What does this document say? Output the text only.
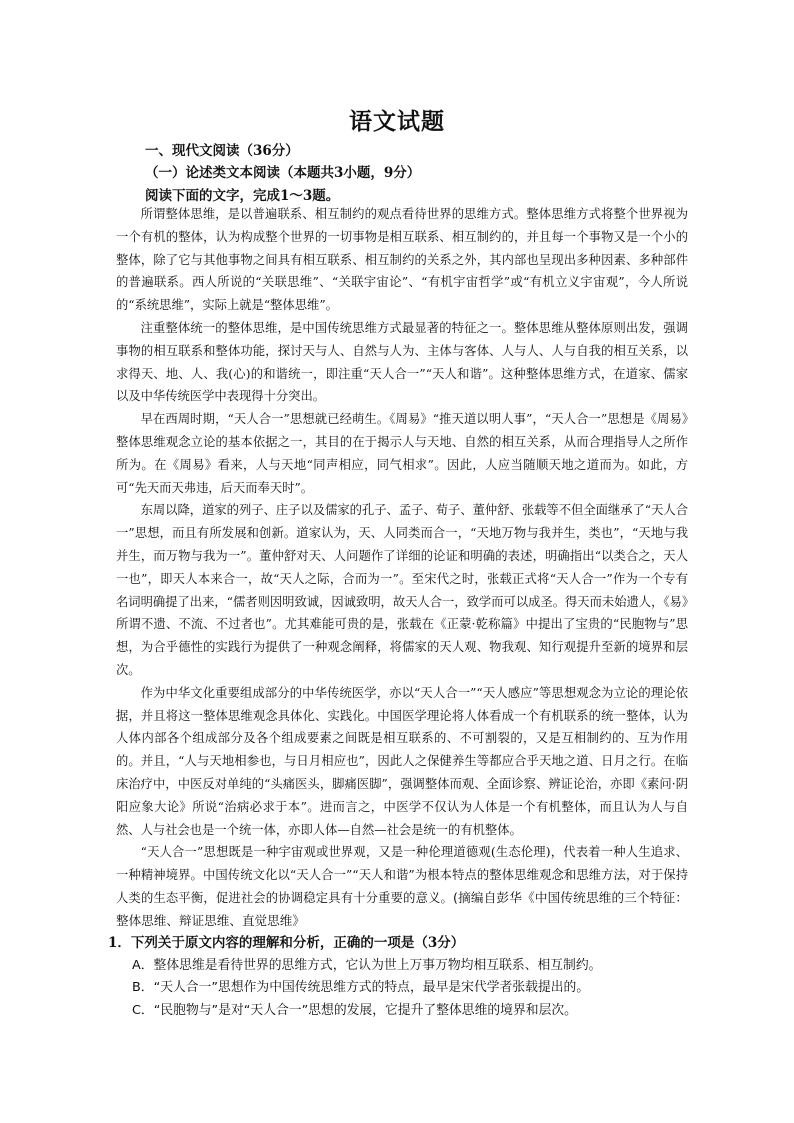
语文试题
一、现代文阅读（36分）
（一）论述类文本阅读（本题共3小题，9分）
阅读下面的文字，完成1～3题。

所谓整体思维，是以普遍联系、相互制约的观点看待世界的思维方式。整体思维方式将整个世界视为一个有机的整体，认为构成整个世界的一切事物是相互联系、相互制约的，并且每一个事物又是一个小的整体，除了它与其他事物之间具有相互联系、相互制约的关系之外，其内部也呈现出多种因素、多种部件的普遍联系。西人所说的“关联思维”、“关联宇宙论”、“有机宇宙哲学”或“有机立义宇宙观”，今人所说的“系统思维”，实际上就是“整体思维”。

注重整体统一的整体思维，是中国传统思维方式最显著的特征之一。整体思维从整体原则出发，强调事物的相互联系和整体功能，探讨天与人、自然与人为、主体与客体、人与人、人与自我的相互关系，以求得天、地、人、我(心)的和谐统一，即注重“天人合一”“天人和谐”。这种整体思维方式，在道家、儒家以及中华传统医学中表现得十分突出。

早在西周时期，“天人合一”思想就已经萌生。《周易》“推天道以明人事”，“天人合一”思想是《周易》整体思维观念立论的基本依据之一，其目的在于揭示人与天地、自然的相互关系，从而合理指导人之所作所为。在《周易》看来，人与天地“同声相应，同气相求”。因此，人应当随顺天地之道而为。如此，方可“先天而天弗违，后天而奉天时”。

东周以降，道家的列子、庄子以及儒家的孔子、孟子、荀子、董仲舒、张载等不但全面继承了“天人合一”思想，而且有所发展和创新。道家认为，天、人同类而合一，“天地万物与我并生，类也”，“天地与我并生，而万物与我为一”。董仲舒对天、人问题作了详细的论证和明确的表述，明确指出“以类合之，天人一也”，即天人本来合一，故“天人之际，合而为一”。至宋代之时，张载正式将“天人合一”作为一个专有名词明确提了出来，“儒者则因明致诚，因诚致明，故天人合一，致学而可以成圣。得天而未始遗人，《易》所谓不遗、不流、不过者也”。尤其难能可贵的是，张载在《正蒙·乾称篇》中提出了宝贵的“民胞物与”思想，为合乎德性的实践行为提供了一种观念阐释，将儒家的天人观、物我观、知行观提升至新的境界和层次。

作为中华文化重要组成部分的中华传统医学，亦以“天人合一”“天人感应”等思想观念为立论的理论依据，并且将这一整体思维观念具体化、实践化。中国医学理论将人体看成一个有机联系的统一整体，认为人体内部各个组成部分及各个组成要素之间既是相互联系的、不可割裂的，又是互相制约的、互为作用的。并且，“人与天地相参也，与日月相应也”，因此人之保健养生等都应合乎天地之道、日月之行。在临床治疗中，中医反对单纯的“头痛医头，脚痛医脚”，强调整体而观、全面诊察、辨证论治，亦即《素问·阴阳应象大论》所说“治病必求于本”。进而言之，中医学不仅认为人体是一个有机整体，而且认为人与自然、人与社会也是一个统一体，亦即人体—自然—社会是统一的有机整体。

“天人合一”思想既是一种宇宙观或世界观，又是一种伦理道德观(生态伦理)，代表着一种人生追求、一种精神境界。中国传统文化以“天人合一”“天人和谐”为根本特点的整体思维观念和思维方法，对于保持人类的生态平衡，促进社会的协调稳定具有十分重要的意义。(摘编自彭华《中国传统思维的三个特征：整体思维、辩证思维、直觉思维》

1．下列关于原文内容的理解和分析，正确的一项是（3分）
A．整体思维是看待世界的思维方式，它认为世上万事万物均相互联系、相互制约。
B．“天人合一”思想作为中国传统思维方式的特点，最早是宋代学者张载提出的。
C．“民胞物与”是对“天人合一”思想的发展，它提升了整体思维的境界和层次。
